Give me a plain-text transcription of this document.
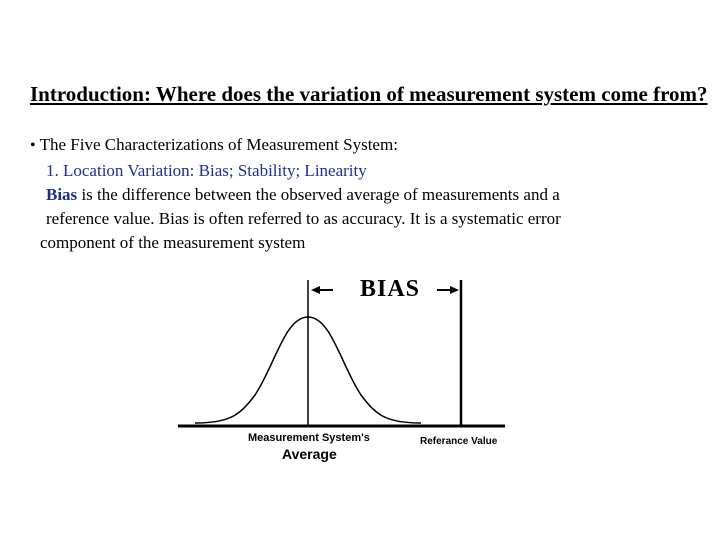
Introduction: Where does the variation of measurement system come from?
• The Five Characterizations of Measurement System:
1. Location Variation: Bias; Stability; Linearity
Bias is the difference between the observed average of measurements and a
reference value. Bias is often referred to as accuracy. It is a systematic error
component of the measurement system
BIAS
Measurement System's
Average
Referance Value
